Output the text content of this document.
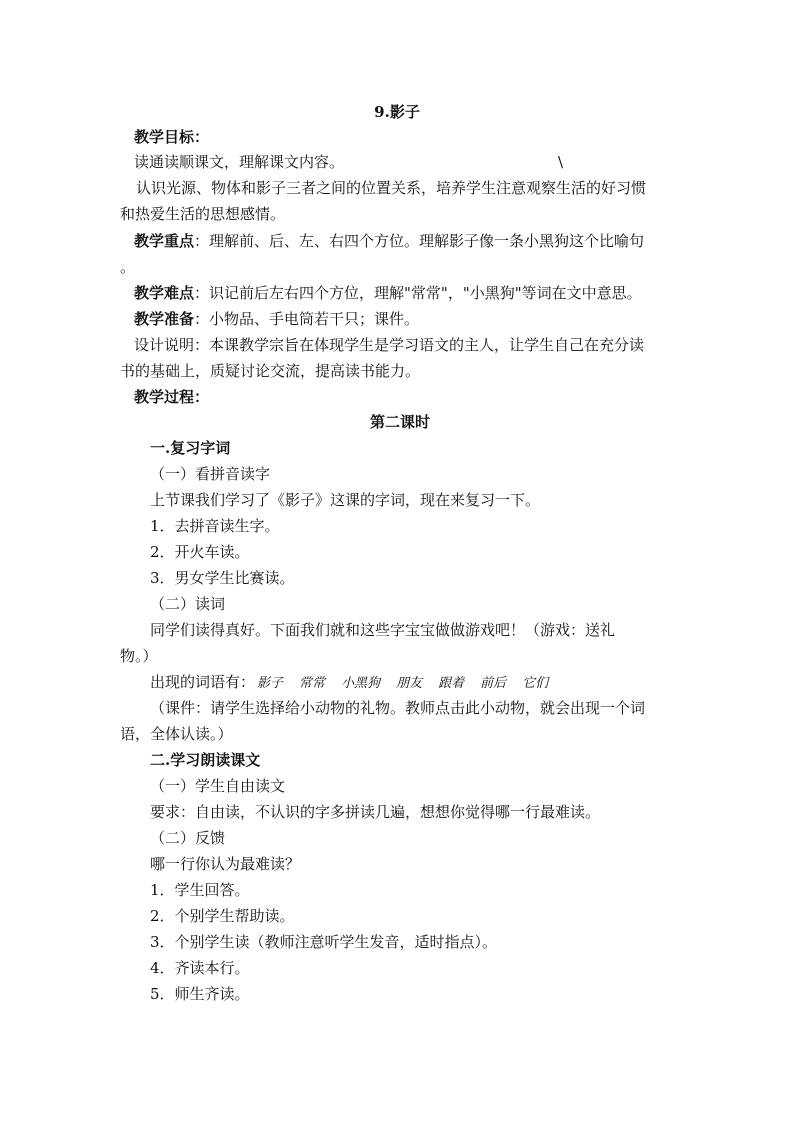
9.影子
教学目标：
读通读顺课文，理解课文内容。	\
认识光源、物体和影子三者之间的位置关系，培养学生注意观察生活的好习惯
和热爱生活的思想感情。
教学重点：理解前、后、左、右四个方位。理解影子像一条小黑狗这个比喻句
。
教学难点：识记前后左右四个方位，理解"常常"，"小黑狗"等词在文中意思。
教学准备：小物品、手电筒若干只；课件。
设计说明：本课教学宗旨在体现学生是学习语文的主人，让学生自己在充分读
书的基础上，质疑讨论交流，提高读书能力。
教学过程：
第二课时
一.复习字词
（一）看拼音读字
上节课我们学习了《影子》这课的字词，现在来复习一下。
1．去拼音读生字。
2．开火车读。
3．男女学生比赛读。
（二）读词
同学们读得真好。下面我们就和这些字宝宝做做游戏吧！（游戏：送礼
物。）
出现的词语有： 影子 常常 小黑狗 朋友 跟着 前后 它们
（课件：请学生选择给小动物的礼物。教师点击此小动物，就会出现一个词
语，全体认读。）
二.学习朗读课文
（一）学生自由读文
要求：自由读，不认识的字多拼读几遍，想想你觉得哪一行最难读。
（二）反馈
哪一行你认为最难读？
1．学生回答。
2．个别学生帮助读。
3．个别学生读（教师注意听学生发音，适时指点）。
4．齐读本行。
5．师生齐读。
